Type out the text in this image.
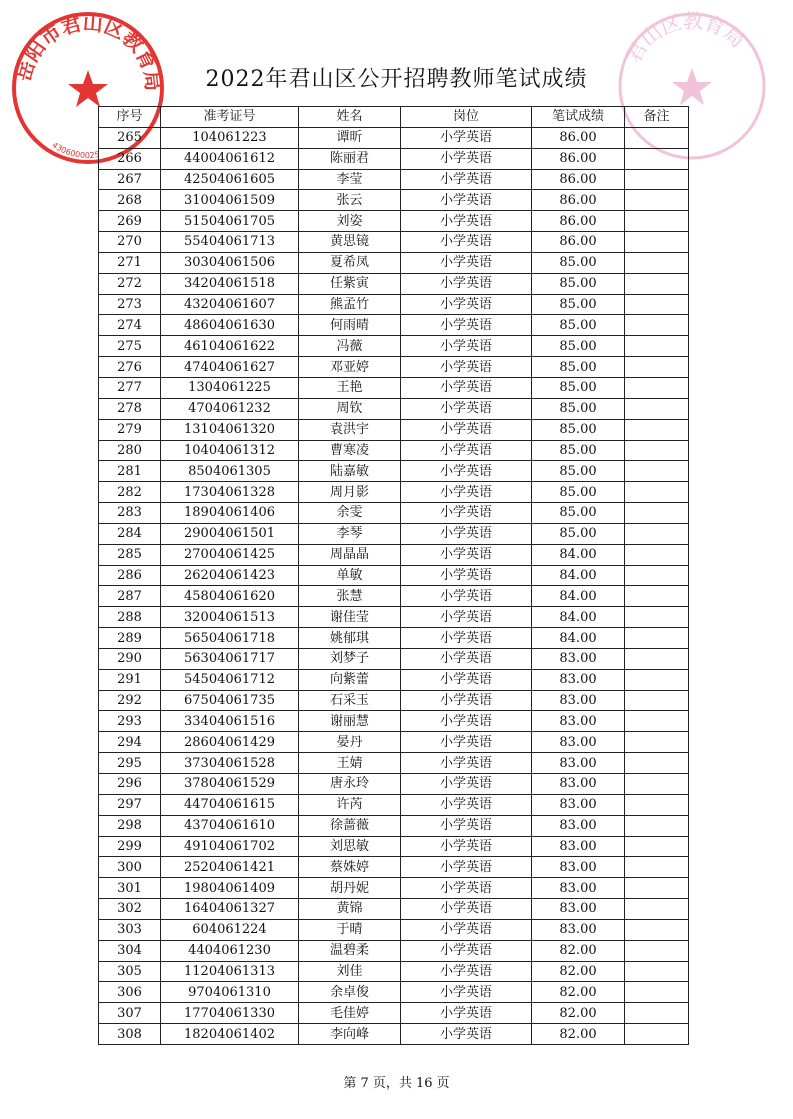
岳阳市君山区教育局
4306000025
君山区教育局
2022年君山区公开招聘教师笔试成绩
序号	准考证号	姓名	岗位	笔试成绩	备注
265	104061223	谭昕	小学英语	86.00	
266	44004061612	陈丽君	小学英语	86.00	
267	42504061605	李莹	小学英语	86.00	
268	31004061509	张云	小学英语	86.00	
269	51504061705	刘姿	小学英语	86.00	
270	55404061713	黄思镜	小学英语	86.00	
271	30304061506	夏希凤	小学英语	85.00	
272	34204061518	任紫寅	小学英语	85.00	
273	43204061607	熊孟竹	小学英语	85.00	
274	48604061630	何雨晴	小学英语	85.00	
275	46104061622	冯薇	小学英语	85.00	
276	47404061627	邓亚婷	小学英语	85.00	
277	1304061225	王艳	小学英语	85.00	
278	4704061232	周钦	小学英语	85.00	
279	13104061320	袁洪宇	小学英语	85.00	
280	10404061312	曹寒凌	小学英语	85.00	
281	8504061305	陆嘉敏	小学英语	85.00	
282	17304061328	周月影	小学英语	85.00	
283	18904061406	余雯	小学英语	85.00	
284	29004061501	李琴	小学英语	85.00	
285	27004061425	周晶晶	小学英语	84.00	
286	26204061423	单敏	小学英语	84.00	
287	45804061620	张慧	小学英语	84.00	
288	32004061513	谢佳莹	小学英语	84.00	
289	56504061718	姚郁琪	小学英语	84.00	
290	56304061717	刘梦子	小学英语	83.00	
291	54504061712	向紫蕾	小学英语	83.00	
292	67504061735	石采玉	小学英语	83.00	
293	33404061516	谢丽慧	小学英语	83.00	
294	28604061429	晏丹	小学英语	83.00	
295	37304061528	王婧	小学英语	83.00	
296	37804061529	唐永玲	小学英语	83.00	
297	44704061615	许芮	小学英语	83.00	
298	43704061610	徐蔷薇	小学英语	83.00	
299	49104061702	刘思敏	小学英语	83.00	
300	25204061421	蔡姝婷	小学英语	83.00	
301	19804061409	胡丹妮	小学英语	83.00	
302	16404061327	黄锦	小学英语	83.00	
303	604061224	于晴	小学英语	83.00	
304	4404061230	温碧柔	小学英语	82.00	
305	11204061313	刘佳	小学英语	82.00	
306	9704061310	余卓俊	小学英语	82.00	
307	17704061330	毛佳婷	小学英语	82.00	
308	18204061402	李向峰	小学英语	82.00	
第 7 页，共 16 页
